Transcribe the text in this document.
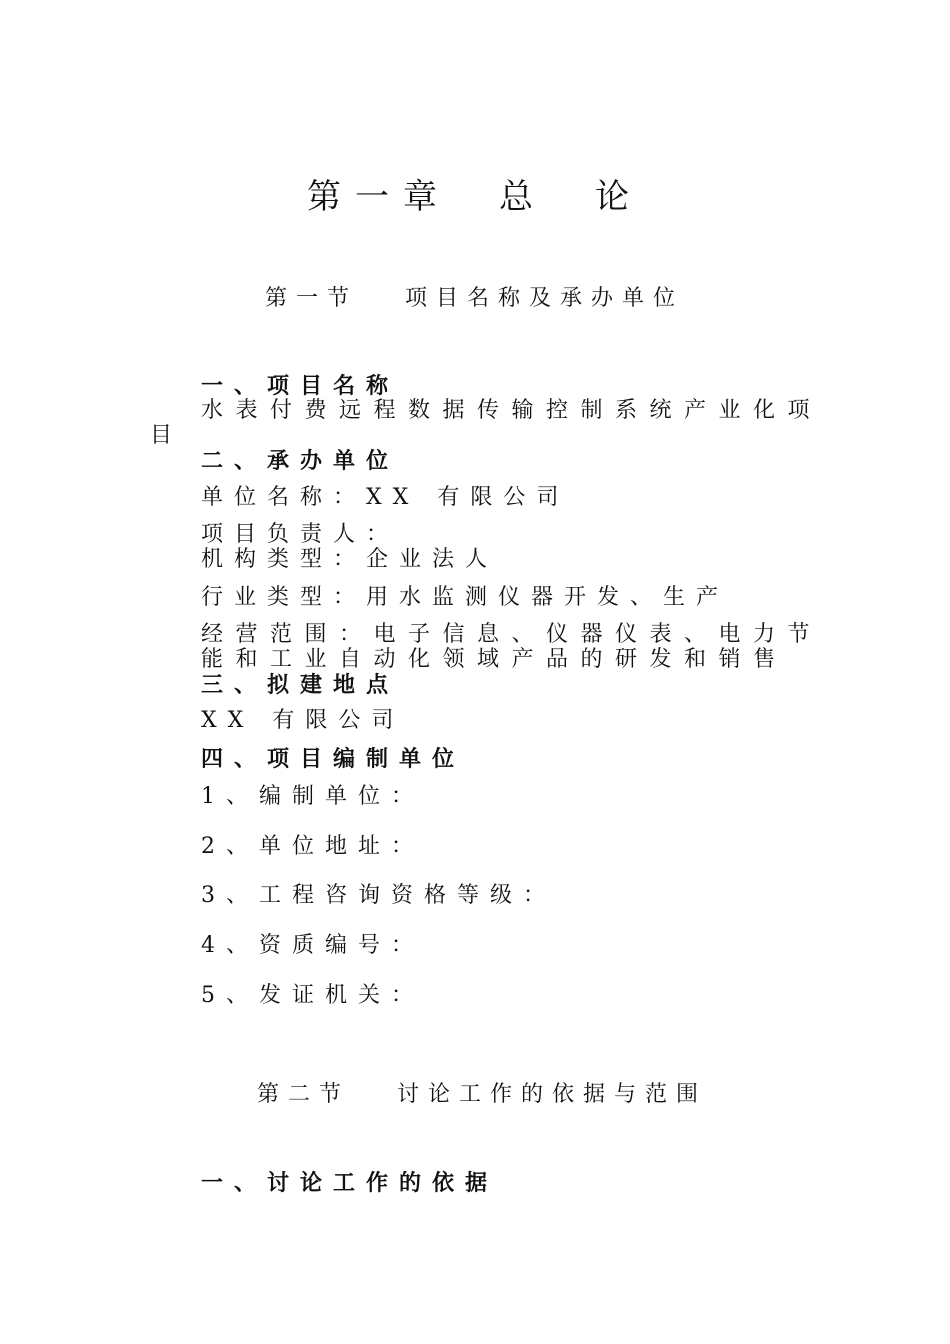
第一章　总　论
第一节　 项目名称及承办单位
一、项目名称
水表付费远程数据传输控制系统产业化项
目
二、承办单位
单位名称：XX 有限公司
项目负责人：
机构类型：企业法人
行业类型：用水监测仪器开发、生产
经营范围：电子信息、仪器仪表、电力节
能和工业自动化领域产品的研发和销售
三、拟建地点
XX 有限公司
四、项目编制单位
1、编制单位：
2、单位地址：
3、工程咨询资格等级：
4、资质编号：
5、发证机关：
第二节　 讨论工作的依据与范围
一、讨论工作的依据
